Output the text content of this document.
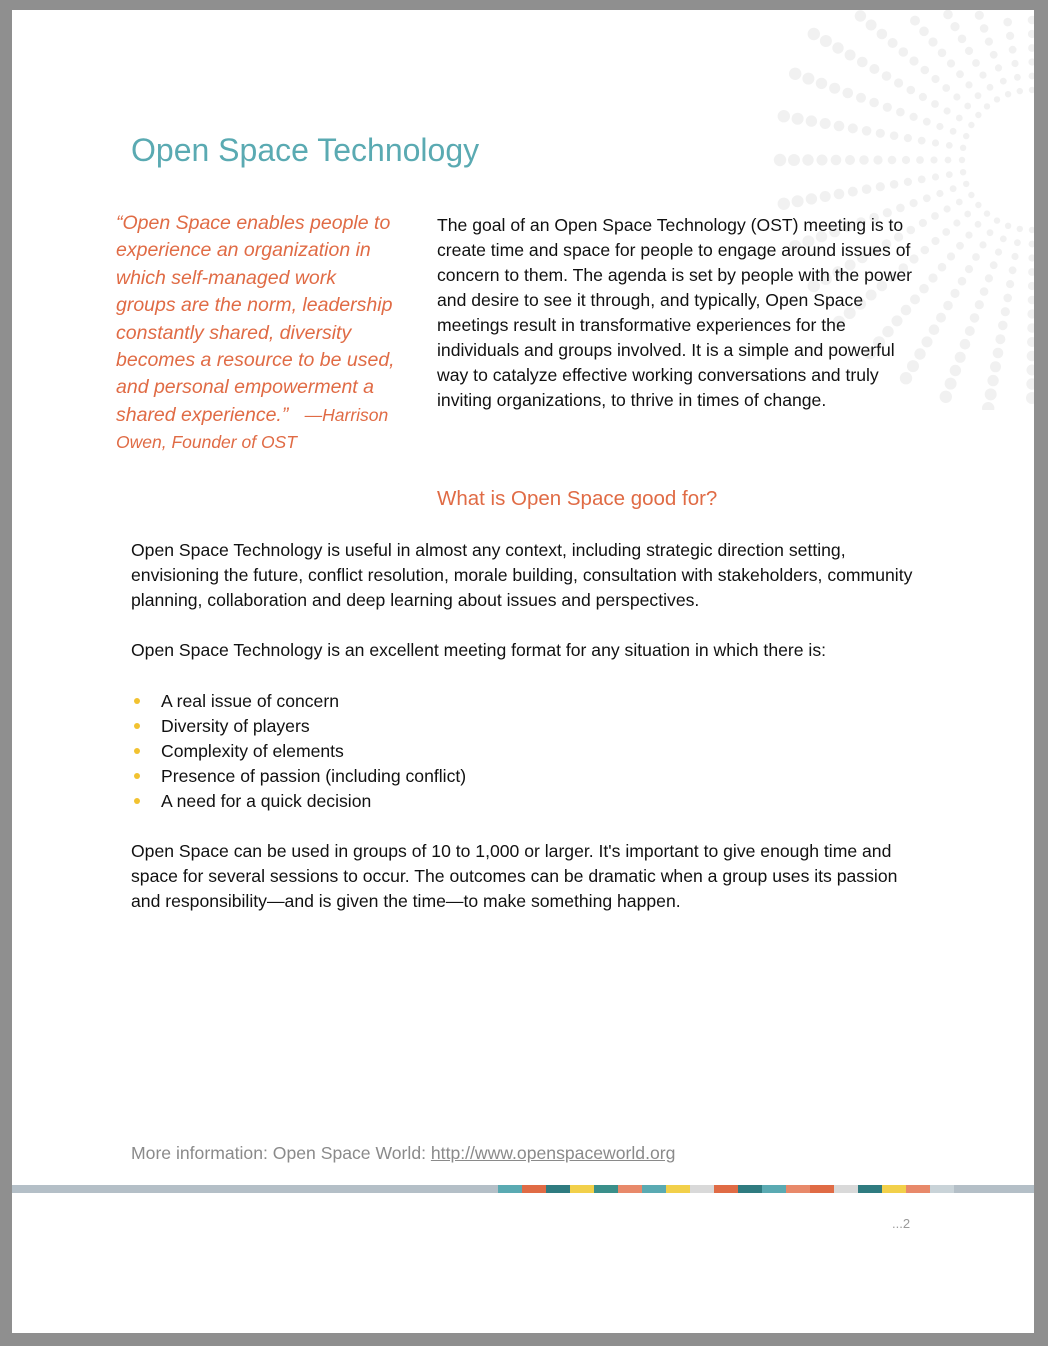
Open Space Technology
“Open Space enables people to experience an organization in which self-managed work groups are the norm, leadership constantly shared, diversity becomes a resource to be used, and personal empowerment a shared experience.” —Harrison Owen, Founder of OST
The goal of an Open Space Technology (OST) meeting is to create time and space for people to engage around issues of concern to them. The agenda is set by people with the power and desire to see it through, and typically, Open Space meetings result in transformative experiences for the individuals and groups involved. It is a simple and powerful way to catalyze effective working conversations and truly inviting organizations, to thrive in times of change.
What is Open Space good for?

Open Space Technology is useful in almost any context, including strategic direction setting, envisioning the future, conflict resolution, morale building, consultation with stakeholders, community planning, collaboration and deep learning about issues and perspectives.

Open Space Technology is an excellent meeting format for any situation in which there is:

A real issue of concern
Diversity of players
Complexity of elements
Presence of passion (including conflict)
A need for a quick decision

Open Space can be used in groups of 10 to 1,000 or larger. It's important to give enough time and space for several sessions to occur. The outcomes can be dramatic when a group uses its passion and responsibility—and is given the time—to make something happen.

More information: Open Space World: http://www.openspaceworld.org
...2
